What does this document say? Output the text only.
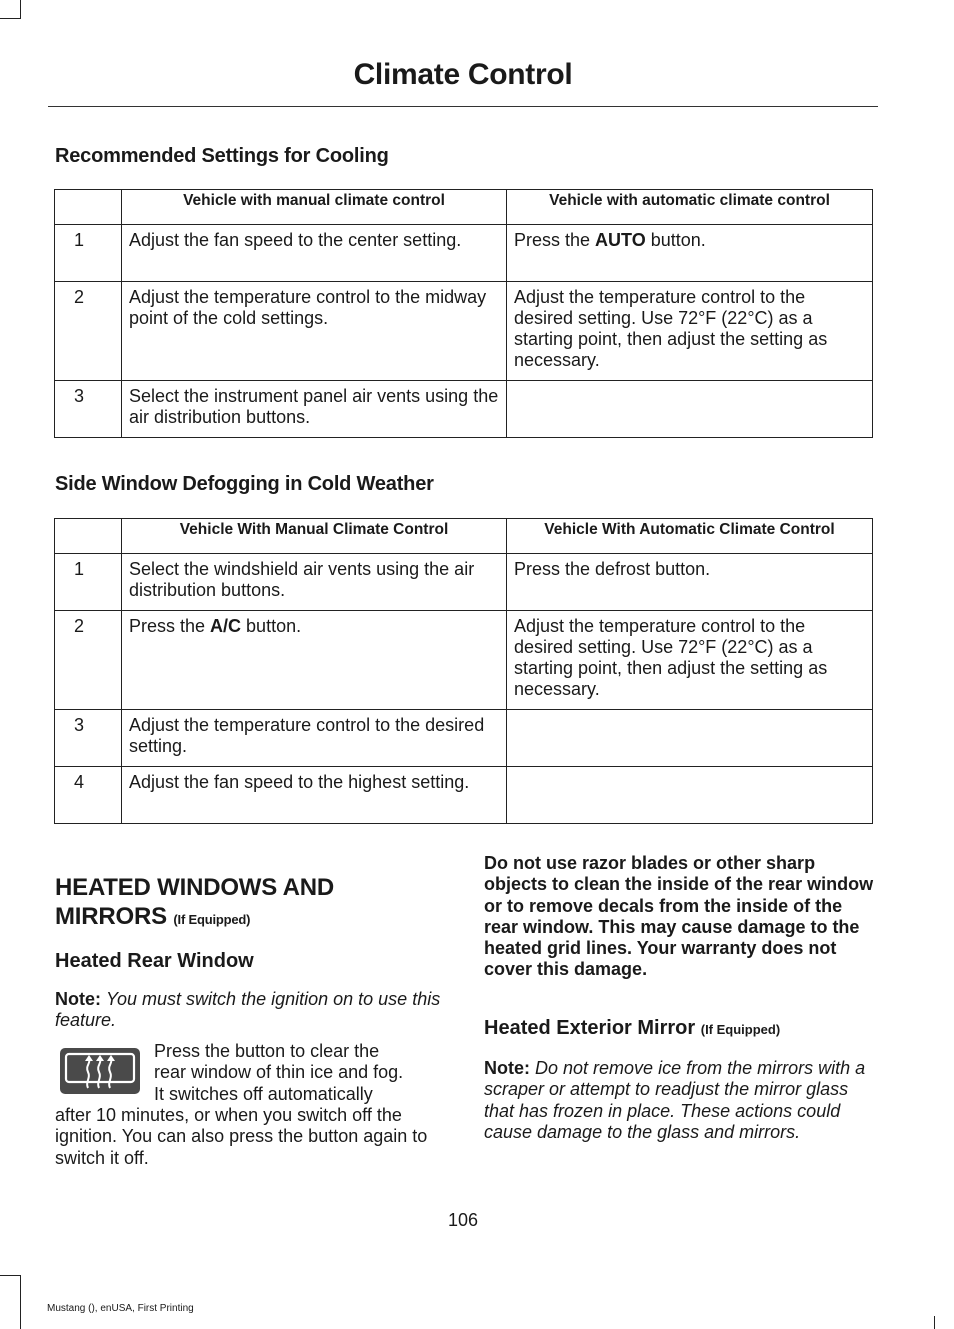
Climate Control
Recommended Settings for Cooling
	Vehicle with manual climate control	Vehicle with automatic climate control
1	Adjust the fan speed to the center setting.	Press the AUTO button.
2	Adjust the temperature control to the midway point of the cold settings.	Adjust the temperature control to the desired setting. Use 72°F (22°C) as a starting point, then adjust the setting as necessary.
3	Select the instrument panel air vents using the air distribution buttons.	
Side Window Defogging in Cold Weather
	Vehicle With Manual Climate Control	Vehicle With Automatic Climate Control
1	Select the windshield air vents using the air distribution buttons.	Press the defrost button.
2	Press the A/C button.	Adjust the temperature control to the desired setting. Use 72°F (22°C) as a starting point, then adjust the setting as necessary.
3	Adjust the temperature control to the desired setting.	
4	Adjust the fan speed to the highest setting.	
HEATED WINDOWS AND
MIRRORS (If Equipped)
Heated Rear Window
Note: You must switch the ignition on to use this feature.
Press the button to clear the
rear window of thin ice and fog.
It switches off automatically
after 10 minutes, or when you switch off the ignition. You can also press the button again to switch it off.
Do not use razor blades or other sharp objects to clean the inside of the rear window or to remove decals from the inside of the rear window. This may cause damage to the heated grid lines. Your warranty does not cover this damage.
Heated Exterior Mirror (If Equipped)
Note: Do not remove ice from the mirrors with a scraper or attempt to readjust the mirror glass that has frozen in place. These actions could cause damage to the glass and mirrors.
106
Mustang (), enUSA, First Printing
